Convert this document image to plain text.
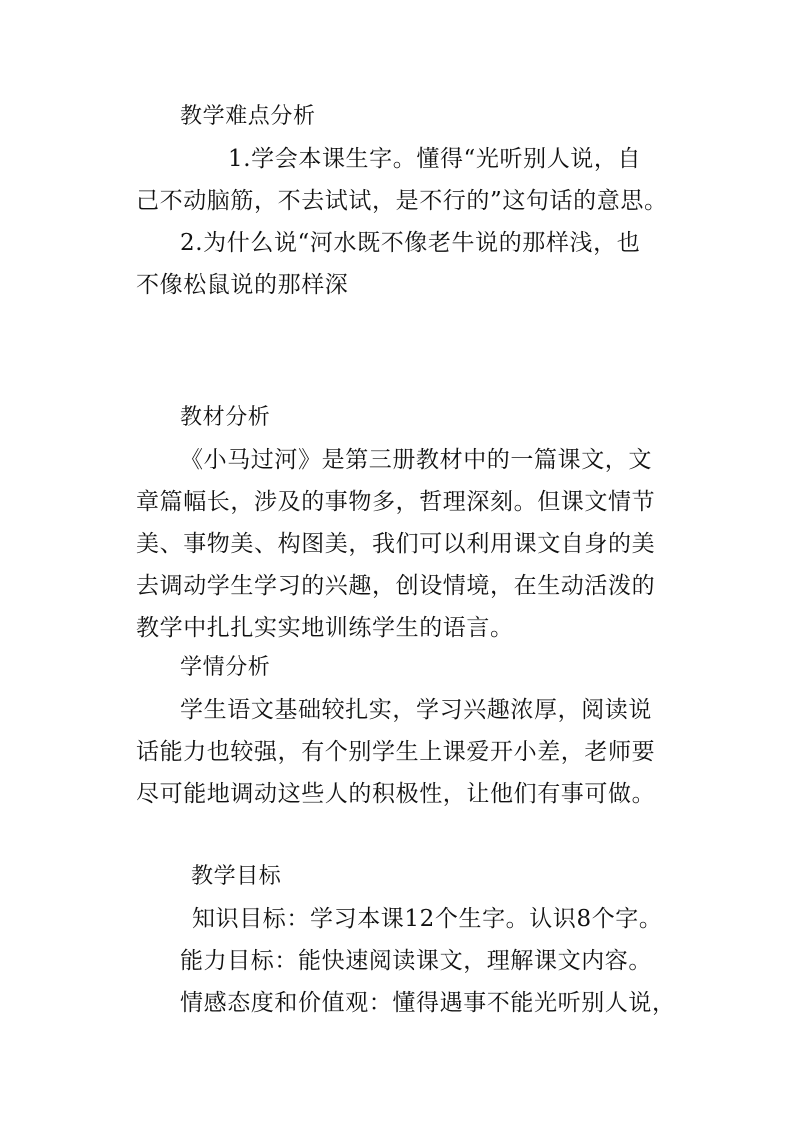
教学难点分析
1.学会本课生字。懂得“光听别人说，自
己不动脑筋，不去试试，是不行的”这句话的意思。
2.为什么说“河水既不像老牛说的那样浅，也
不像松鼠说的那样深
教材分析
《小马过河》是第三册教材中的一篇课文，文
章篇幅长，涉及的事物多，哲理深刻。但课文情节
美、事物美、构图美，我们可以利用课文自身的美
去调动学生学习的兴趣，创设情境，在生动活泼的
教学中扎扎实实地训练学生的语言。
学情分析
学生语文基础较扎实，学习兴趣浓厚，阅读说
话能力也较强，有个别学生上课爱开小差，老师要
尽可能地调动这些人的积极性，让他们有事可做。
教学目标
知识目标：学习本课12个生字。认识8个字。
能力目标：能快速阅读课文，理解课文内容。
情感态度和价值观：懂得遇事不能光听别人说，
